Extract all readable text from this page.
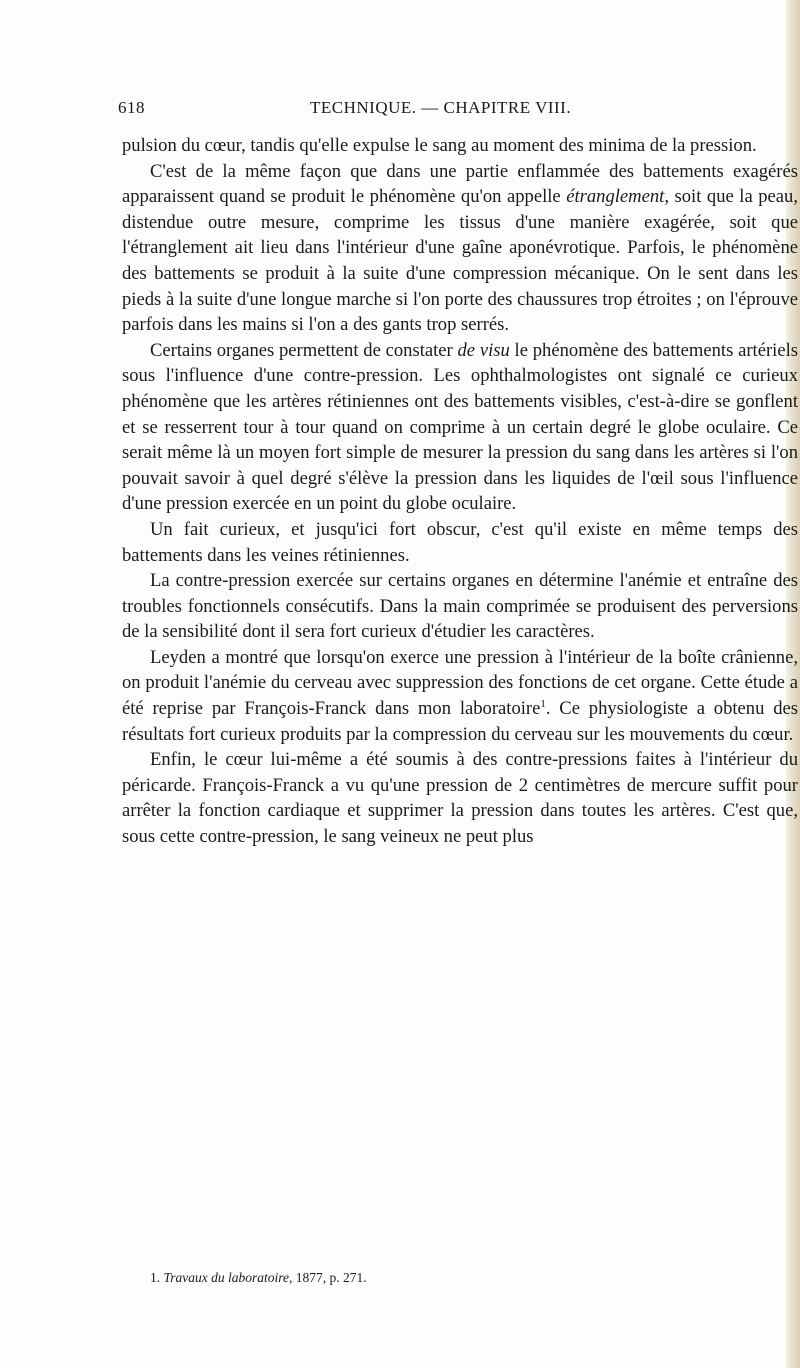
618	TECHNIQUE. — CHAPITRE VIII.

pulsion du cœur, tandis qu'elle expulse le sang au moment des minima de la pression.

C'est de la même façon que dans une partie enflammée des battements exagérés apparaissent quand se produit le phénomène qu'on appelle étranglement, soit que la peau, distendue outre mesure, comprime les tissus d'une manière exagérée, soit que l'étranglement ait lieu dans l'intérieur d'une gaîne aponévrotique. Parfois, le phénomène des battements se produit à la suite d'une compression mécanique. On le sent dans les pieds à la suite d'une longue marche si l'on porte des chaussures trop étroites ; on l'éprouve parfois dans les mains si l'on a des gants trop serrés.

Certains organes permettent de constater de visu le phénomène des battements artériels sous l'influence d'une contre-pression. Les ophthalmologistes ont signalé ce curieux phénomène que les artères rétiniennes ont des battements visibles, c'est-à-dire se gonflent et se resserrent tour à tour quand on comprime à un certain degré le globe oculaire. Ce serait même là un moyen fort simple de mesurer la pression du sang dans les artères si l'on pouvait savoir à quel degré s'élève la pression dans les liquides de l'œil sous l'influence d'une pression exercée en un point du globe oculaire.

Un fait curieux, et jusqu'ici fort obscur, c'est qu'il existe en même temps des battements dans les veines rétiniennes.

La contre-pression exercée sur certains organes en détermine l'anémie et entraîne des troubles fonctionnels consécutifs. Dans la main comprimée se produisent des perversions de la sensibilité dont il sera fort curieux d'étudier les caractères.

Leyden a montré que lorsqu'on exerce une pression à l'intérieur de la boîte crânienne, on produit l'anémie du cerveau avec suppression des fonctions de cet organe. Cette étude a été reprise par François-Franck dans mon laboratoire$^1$. Ce physiologiste a obtenu des résultats fort curieux produits par la compression du cerveau sur les mouvements du cœur.

Enfin, le cœur lui-même a été soumis à des contre-pressions faites à l'intérieur du péricarde. François-Franck a vu qu'une pression de 2 centimètres de mercure suffit pour arrêter la fonction cardiaque et supprimer la pression dans toutes les artères. C'est que, sous cette contre-pression, le sang veineux ne peut plus

1. Travaux du laboratoire, 1877, p. 271.
